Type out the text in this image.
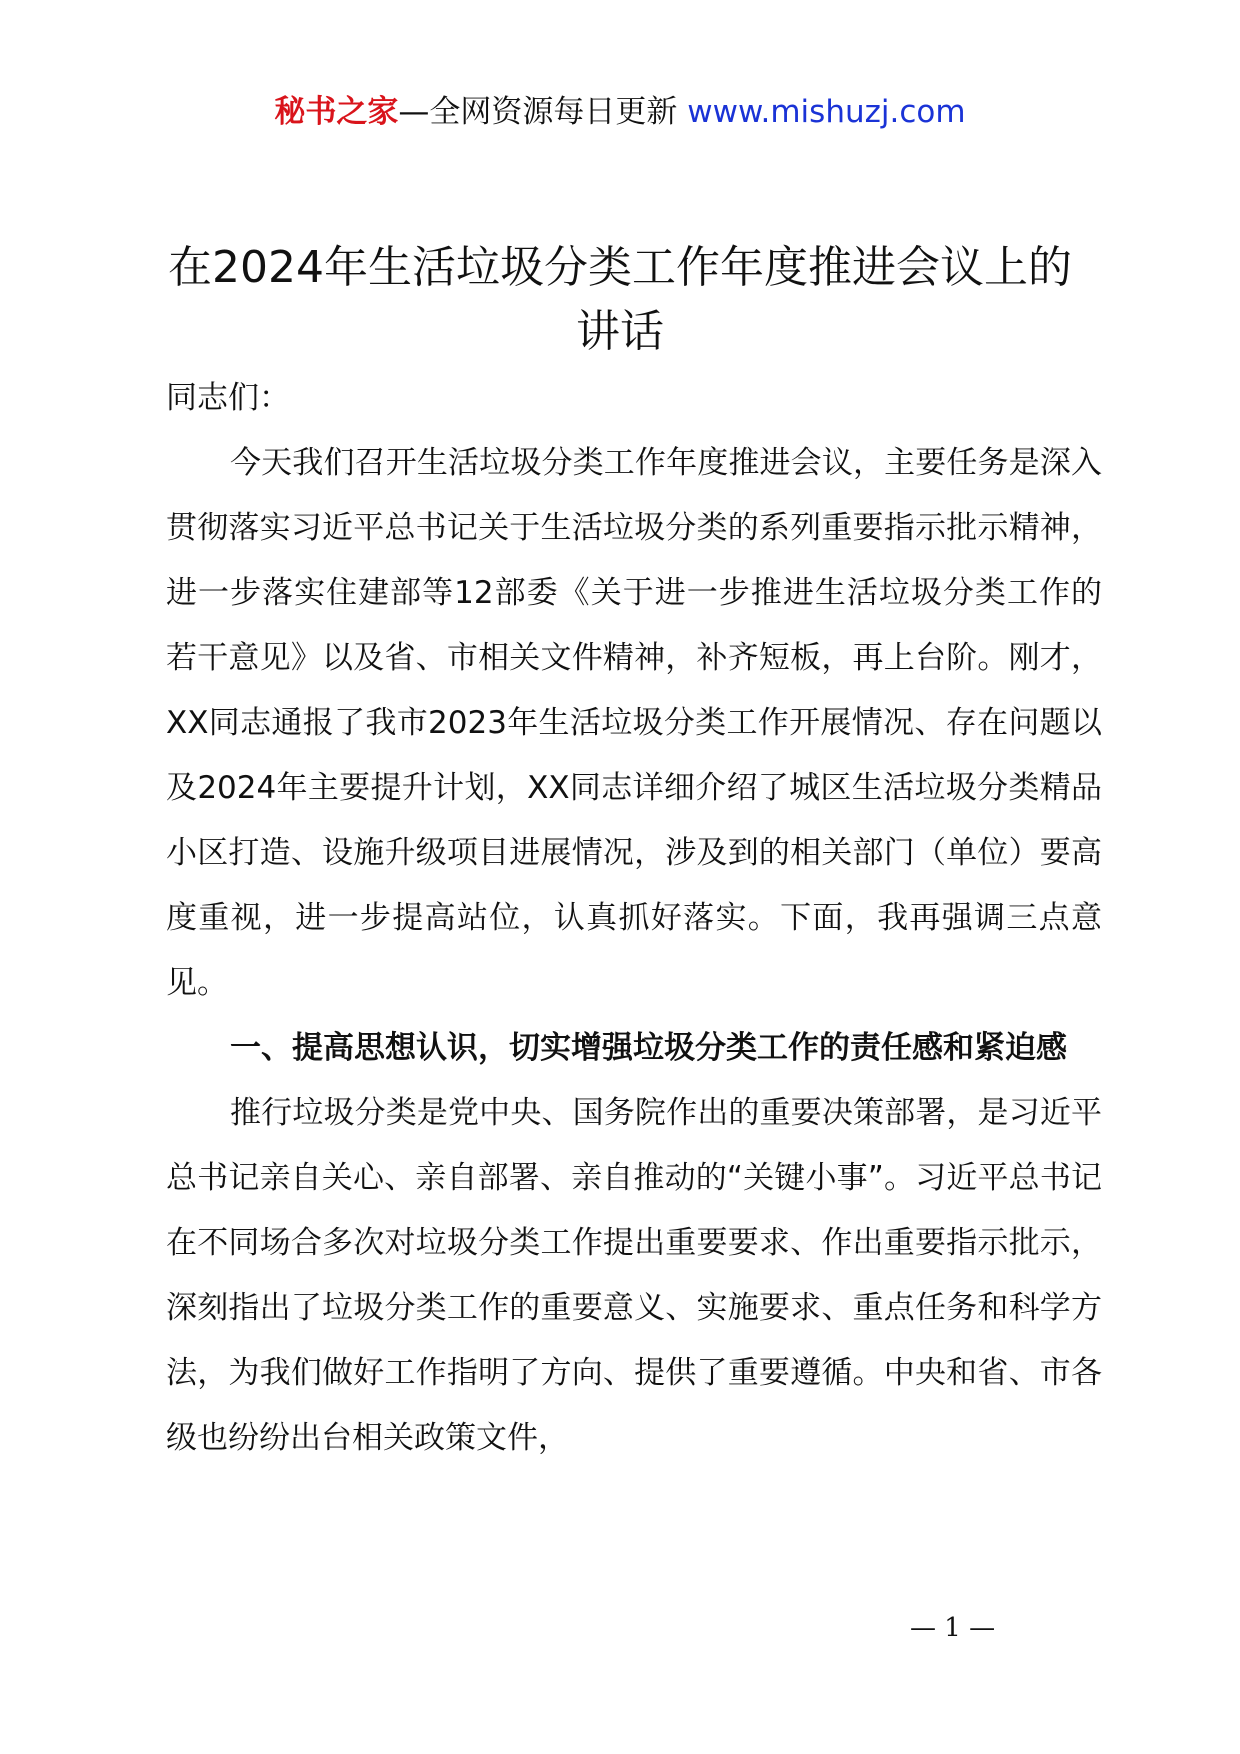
秘书之家—全网资源每日更新 www.mishuzj.com
在2024年生活垃圾分类工作年度推进会议上的讲话

同志们：

今天我们召开生活垃圾分类工作年度推进会议，主要任务是深入贯彻落实习近平总书记关于生活垃圾分类的系列重要指示批示精神，进一步落实住建部等12部委《关于进一步推进生活垃圾分类工作的若干意见》以及省、市相关文件精神，补齐短板，再上台阶。刚才，XX同志通报了我市2023年生活垃圾分类工作开展情况、存在问题以及2024年主要提升计划，XX同志详细介绍了城区生活垃圾分类精品小区打造、设施升级项目进展情况，涉及到的相关部门（单位）要高度重视，进一步提高站位，认真抓好落实。下面，我再强调三点意见。

一、提高思想认识，切实增强垃圾分类工作的责任感和紧迫感

推行垃圾分类是党中央、国务院作出的重要决策部署，是习近平总书记亲自关心、亲自部署、亲自推动的“关键小事”。习近平总书记在不同场合多次对垃圾分类工作提出重要要求、作出重要指示批示，深刻指出了垃圾分类工作的重要意义、实施要求、重点任务和科学方法，为我们做好工作指明了方向、提供了重要遵循。中央和省、市各级也纷纷出台相关政策文件，

— 1 —
